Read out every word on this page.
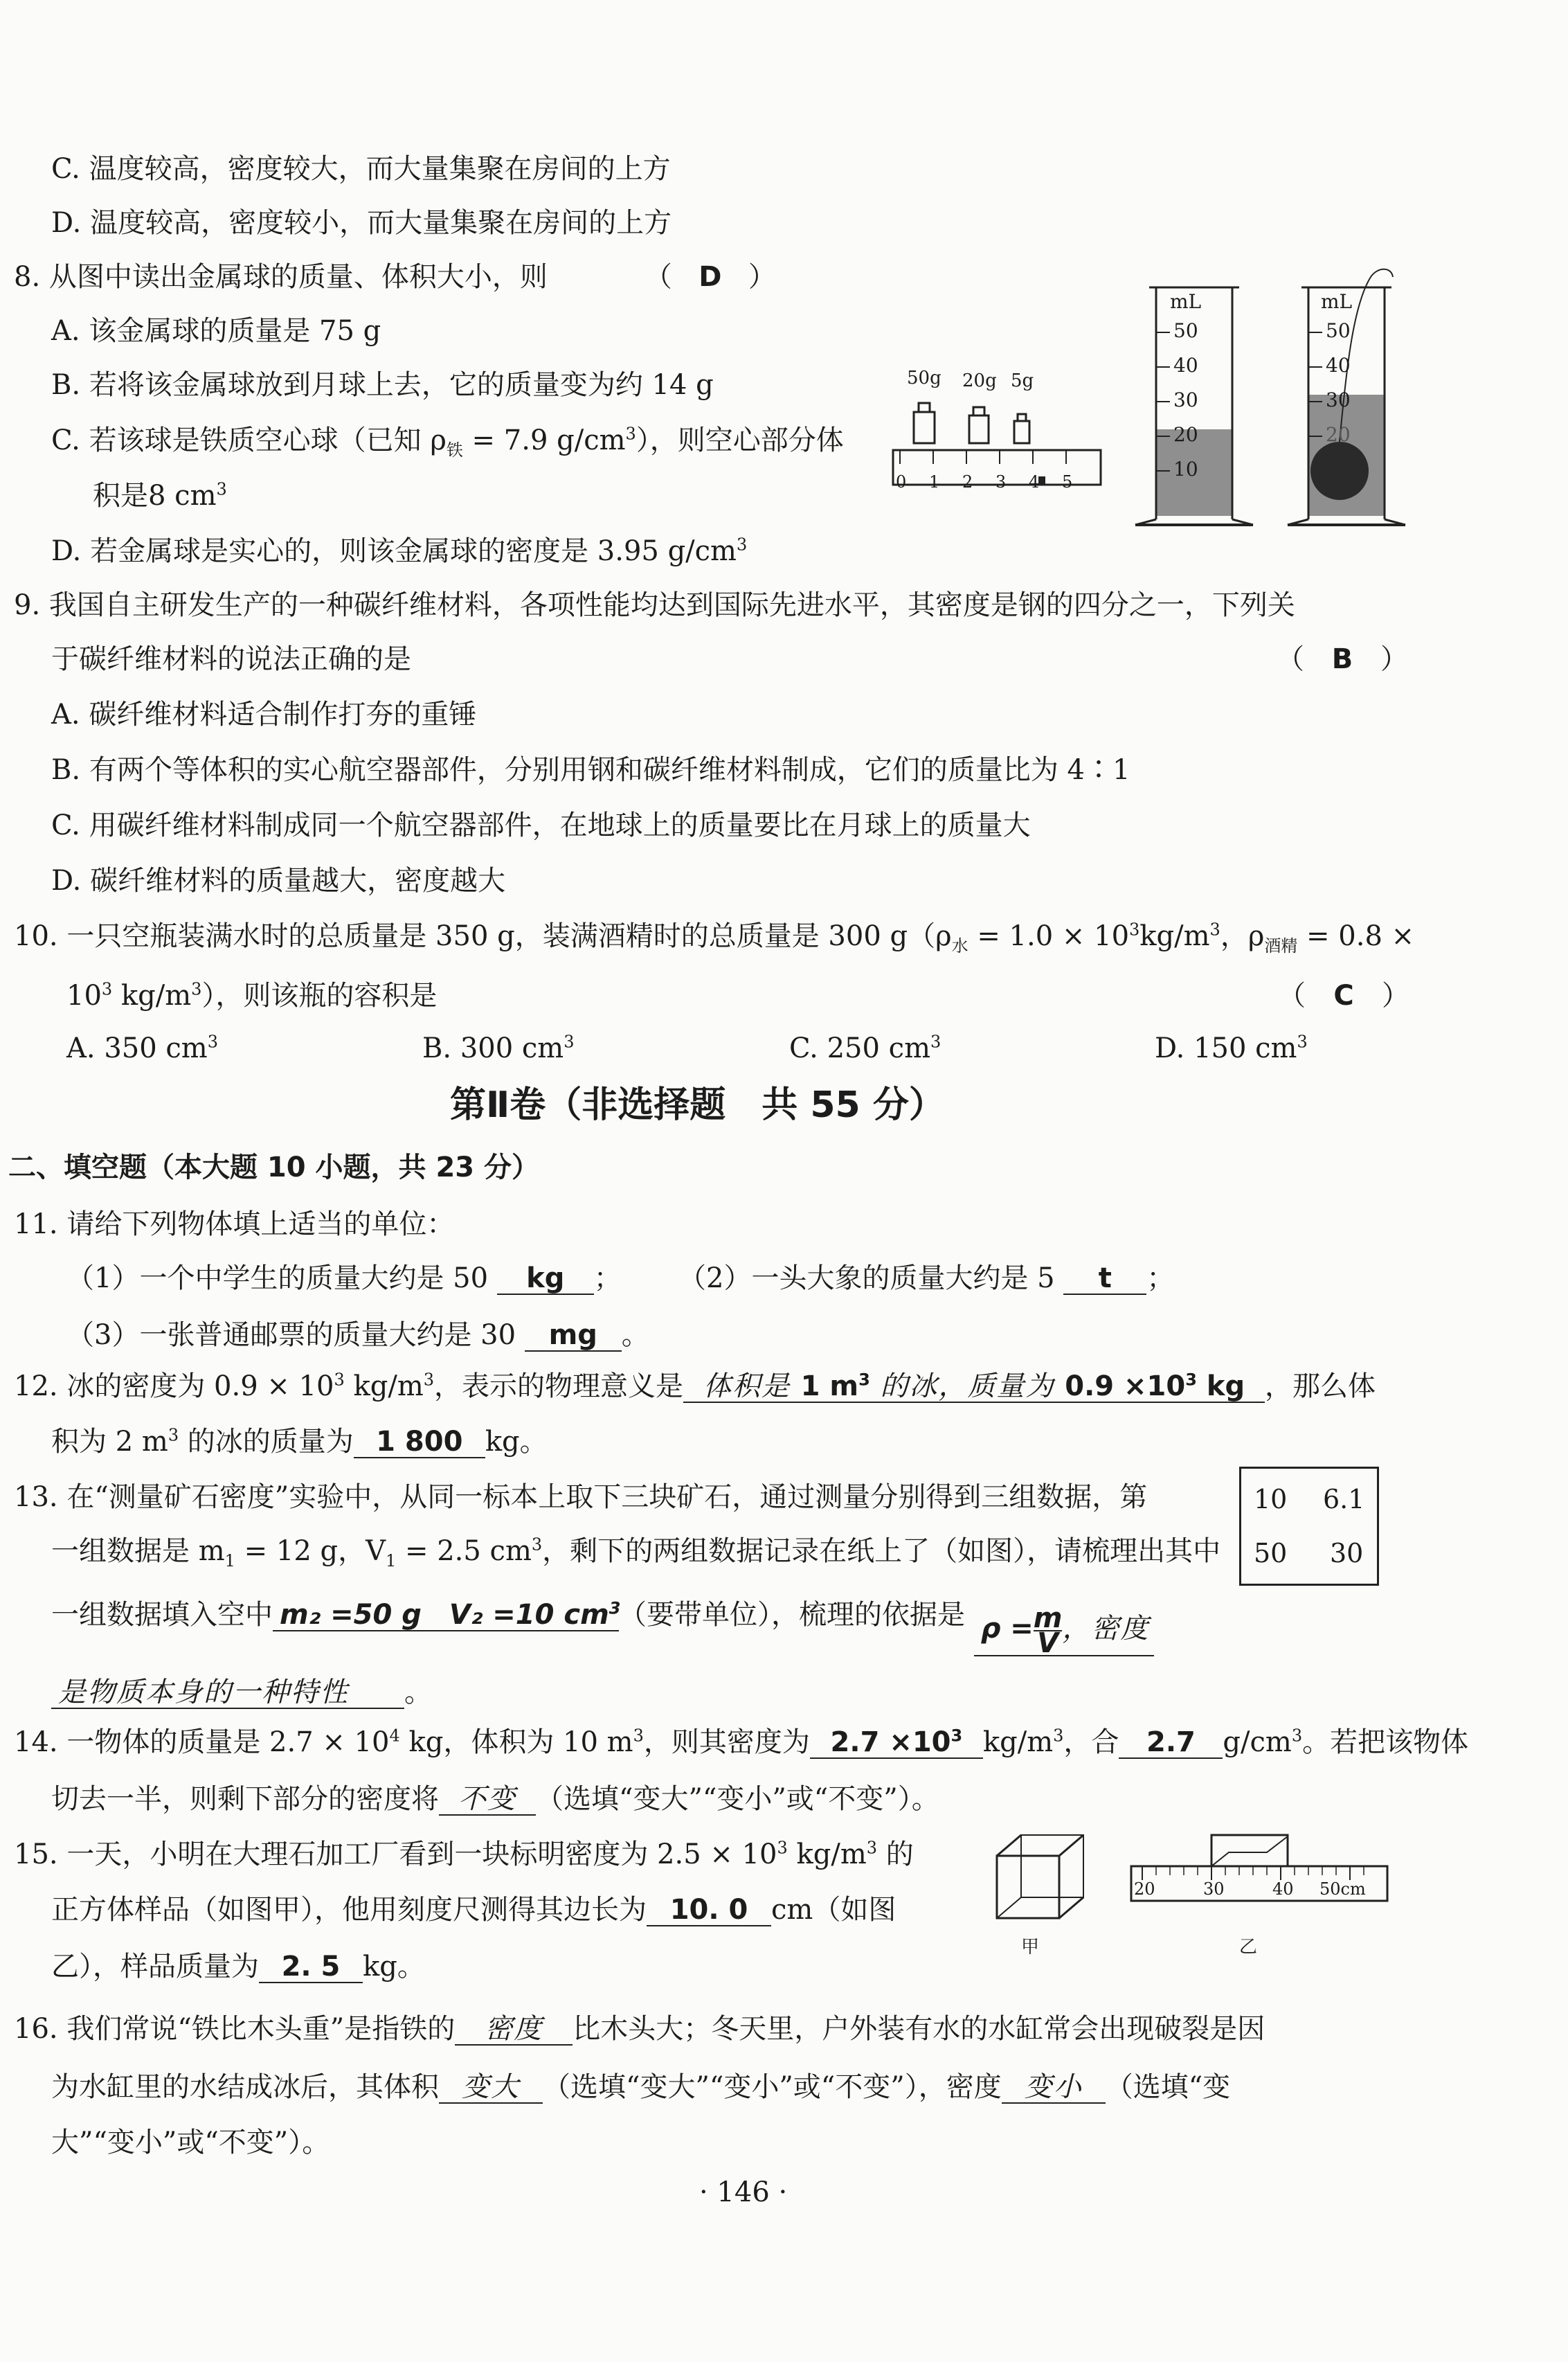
C. 温度较高，密度较大，而大量集聚在房间的上方
D. 温度较高，密度较小，而大量集聚在房间的上方
8. 从图中读出金属球的质量、体积大小，则	（ D ）
A. 该金属球的质量是 75 g
B. 若将该金属球放到月球上去，它的质量变为约 14 g
C. 若该球是铁质空心球（已知 $\rho_铁 = 7.9$ $g/cm^3$），则空心部分体
积是8 $cm^3$
D. 若金属球是实心的，则该金属球的密度是 3.95 $g/cm^3$
50g 20g 5g
0 1 2 3 4 5
mL
50
40
30
20
10
mL
50
40
30
20
9. 我国自主研发生产的一种碳纤维材料，各项性能均达到国际先进水平，其密度是钢的四分之一，下列关
于碳纤维材料的说法正确的是	（ B ）
A. 碳纤维材料适合制作打夯的重锤
B. 有两个等体积的实心航空器部件，分别用钢和碳纤维材料制成，它们的质量比为 4∶1
C. 用碳纤维材料制成同一个航空器部件，在地球上的质量要比在月球上的质量大
D. 碳纤维材料的质量越大，密度越大
10. 一只空瓶装满水时的总质量是 350 g，装满酒精时的总质量是 300 $g(\rho_水 = 1.0 \times 10^3kg/m^3$，$\rho_{酒精} = 0.8$ ×
$10^3$ $kg/m^3$），则该瓶的容积是	（ C ）
A. 350 $cm^3$	B. 300 $cm^3$	C. 250 $cm^3$	D. 150 $cm^3$
第Ⅱ卷（非选择题　共 55 分）
二、填空题（本大题 10 小题，共 23 分）
11. 请给下列物体填上适当的单位：
（1）一个中学生的质量大约是 50 kg ； （2）一头大象的质量大约是 5 t ；
（3）一张普通邮票的质量大约是 30 mg 。
12. 冰的密度为 $0.9 \times 10^3$ $kg/m^3$，表示的物理意义是 体积是 1 $m^3$ 的冰，质量为 $0.9 \times 10^3$ kg ，那么体
积为 2 $m^3$ 的冰的质量为 1 800 kg。
13. 在“测量矿石密度”实验中，从同一标本上取下三块矿石，通过测量分别得到三组数据，第
一组数据是 $m_1 = 12$ g，$V_1 = 2.5$ $cm^3$，剩下的两组数据记录在纸上了（如图），请梳理出其中
一组数据填入空中 m₂ =50 g　V₂ =10 $cm^3$（要带单位），梳理的依据是 $\rho = \frac{m}{V}$ ，密度
是物质本身的一种特性 。
10 6.1
50 30
14. 一物体的质量是 $2.7 \times 10^4$ kg，体积为 10 $m^3$，则其密度为 $2.7 \times 10^3$ $kg/m^3$，合 2.7 $g/cm^3$。若把该物体
切去一半，则剩下部分的密度将 不变 （选填“变大”“变小”或“不变”）。
15. 一天，小明在大理石加工厂看到一块标明密度为 $2.5 \times 10^3$ $kg/m^3$ 的
正方体样品（如图甲），他用刻度尺测得其边长为 10. 0 cm（如图
乙），样品质量为 2. 5 kg。
甲
20	30	40 50cm
乙
16. 我们常说“铁比木头重”是指铁的 密度 比木头大；冬天里，户外装有水的水缸常会出现破裂是因
为水缸里的水结成冰后，其体积 变大 （选填“变大”“变小”或“不变”），密度 变小 （选填“变
大”“变小”或“不变”）。
· 146 ·
